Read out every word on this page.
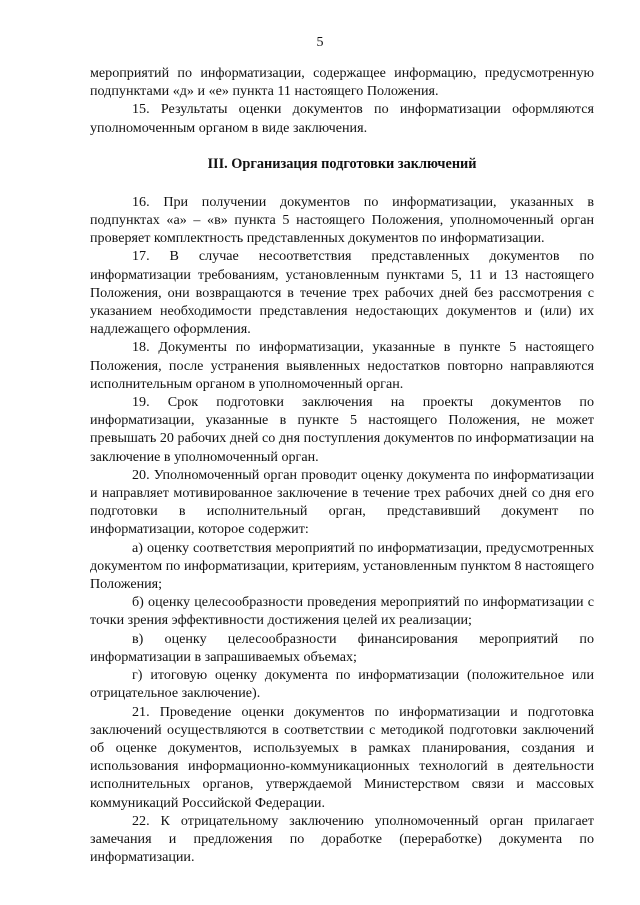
5

мероприятий по информатизации, содержащее информацию, предусмотренную подпунктами «д» и «е» пункта 11 настоящего Положения.

15. Результаты оценки документов по информатизации оформляются уполномоченным органом в виде заключения.

III. Организация подготовки заключений

16. При получении документов по информатизации, указанных в подпунктах «а» – «в» пункта 5 настоящего Положения, уполномоченный орган проверяет комплектность представленных документов по информатизации.

17. В случае несоответствия представленных документов по информатизации требованиям, установленным пунктами 5, 11 и 13 настоящего Положения, они возвращаются в течение трех рабочих дней без рассмотрения с указанием необходимости представления недостающих документов и (или) их надлежащего оформления.

18. Документы по информатизации, указанные в пункте 5 настоящего Положения, после устранения выявленных недостатков повторно направляются исполнительным органом в уполномоченный орган.

19. Срок подготовки заключения на проекты документов по информатизации, указанные в пункте 5 настоящего Положения, не может превышать 20 рабочих дней со дня поступления документов по информатизации на заключение в уполномоченный орган.

20. Уполномоченный орган проводит оценку документа по информатизации и направляет мотивированное заключение в течение трех рабочих дней со дня его подготовки в исполнительный орган, представивший документ по информатизации, которое содержит:

а) оценку соответствия мероприятий по информатизации, предусмотренных документом по информатизации, критериям, установленным пунктом 8 настоящего Положения;

б) оценку целесообразности проведения мероприятий по информатизации с точки зрения эффективности достижения целей их реализации;

в) оценку целесообразности финансирования мероприятий по информатизации в запрашиваемых объемах;

г) итоговую оценку документа по информатизации (положительное или отрицательное заключение).

21. Проведение оценки документов по информатизации и подготовка заключений осуществляются в соответствии с методикой подготовки заключений об оценке документов, используемых в рамках планирования, создания и использования информационно-коммуникационных технологий в деятельности исполнительных органов, утверждаемой Министерством связи и массовых коммуникаций Российской Федерации.

22. К отрицательному заключению уполномоченный орган прилагает замечания и предложения по доработке (переработке) документа по информатизации.
